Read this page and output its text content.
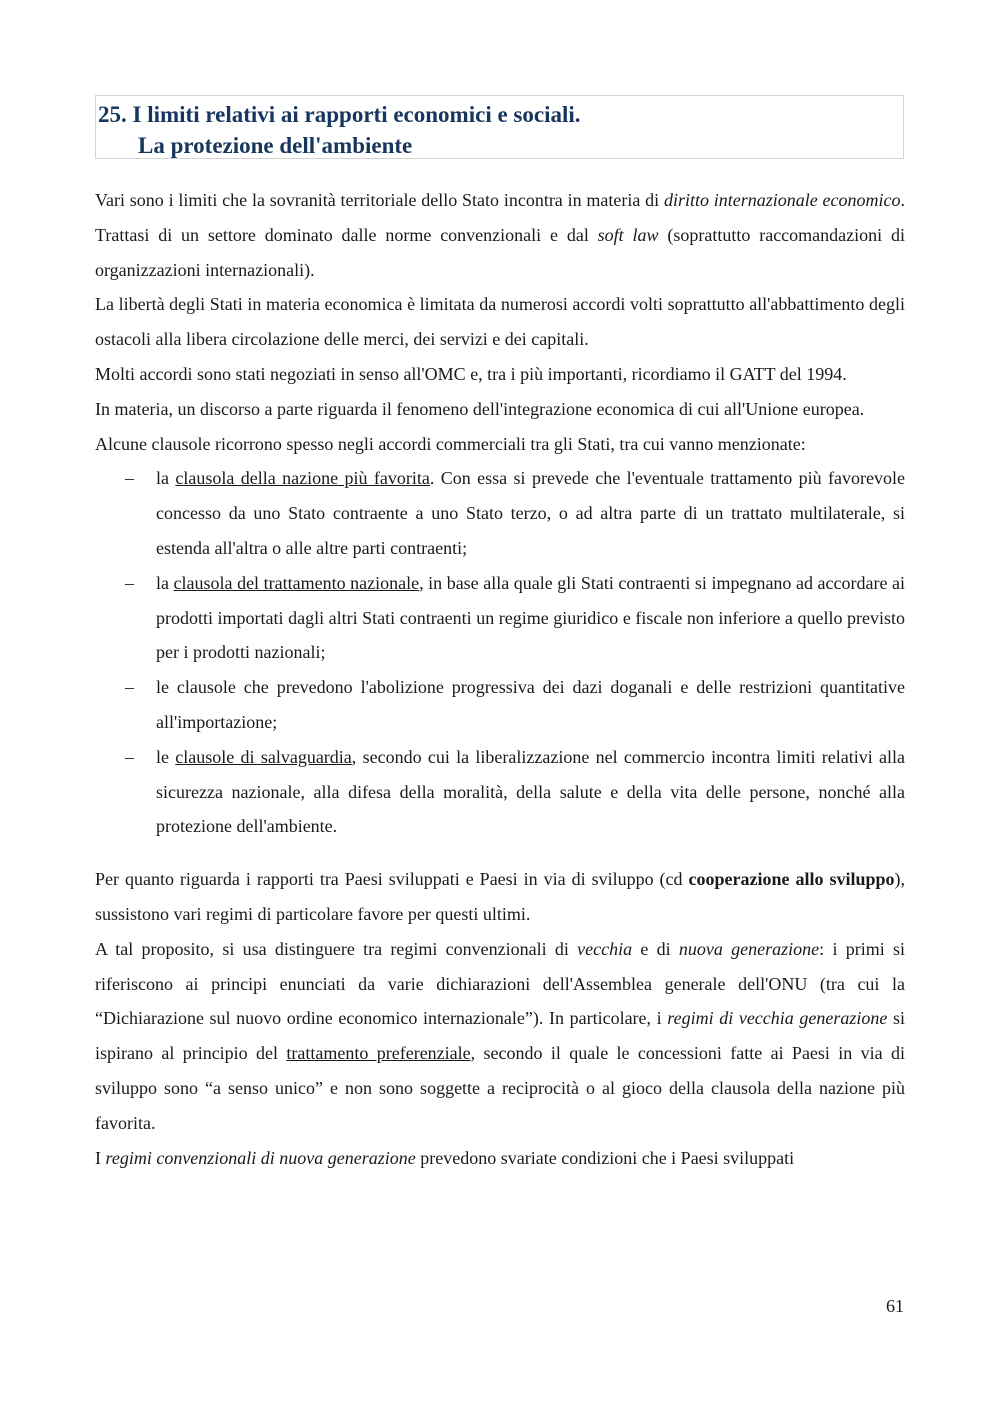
25. I limiti relativi ai rapporti economici e sociali.
La protezione dell'ambiente

Vari sono i limiti che la sovranità territoriale dello Stato incontra in materia di diritto internazionale economico. Trattasi di un settore dominato dalle norme convenzionali e dal soft law (soprattutto raccomandazioni di organizzazioni internazionali).

La libertà degli Stati in materia economica è limitata da numerosi accordi volti soprattutto all'abbattimento degli ostacoli alla libera circolazione delle merci, dei servizi e dei capitali.

Molti accordi sono stati negoziati in senso all'OMC e, tra i più importanti, ricordiamo il GATT del 1994.

In materia, un discorso a parte riguarda il fenomeno dell'integrazione economica di cui all'Unione europea.

Alcune clausole ricorrono spesso negli accordi commerciali tra gli Stati, tra cui vanno menzionate:

– la clausola della nazione più favorita. Con essa si prevede che l'eventuale trattamento più favorevole concesso da uno Stato contraente a uno Stato terzo, o ad altra parte di un trattato multilaterale, si estenda all'altra o alle altre parti contraenti;
– la clausola del trattamento nazionale, in base alla quale gli Stati contraenti si impegnano ad accordare ai prodotti importati dagli altri Stati contraenti un regime giuridico e fiscale non inferiore a quello previsto per i prodotti nazionali;
– le clausole che prevedono l'abolizione progressiva dei dazi doganali e delle restrizioni quantitative all'importazione;
– le clausole di salvaguardia, secondo cui la liberalizzazione nel commercio incontra limiti relativi alla sicurezza nazionale, alla difesa della moralità, della salute e della vita delle persone, nonché alla protezione dell'ambiente.

Per quanto riguarda i rapporti tra Paesi sviluppati e Paesi in via di sviluppo (cd cooperazione allo sviluppo), sussistono vari regimi di particolare favore per questi ultimi.

A tal proposito, si usa distinguere tra regimi convenzionali di vecchia e di nuova generazione: i primi si riferiscono ai principi enunciati da varie dichiarazioni dell'Assemblea generale dell'ONU (tra cui la “Dichiarazione sul nuovo ordine economico internazionale”). In particolare, i regimi di vecchia generazione si ispirano al principio del trattamento preferenziale, secondo il quale le concessioni fatte ai Paesi in via di sviluppo sono “a senso unico” e non sono soggette a reciprocità o al gioco della clausola della nazione più favorita.

I regimi convenzionali di nuova generazione prevedono svariate condizioni che i Paesi sviluppati

61
